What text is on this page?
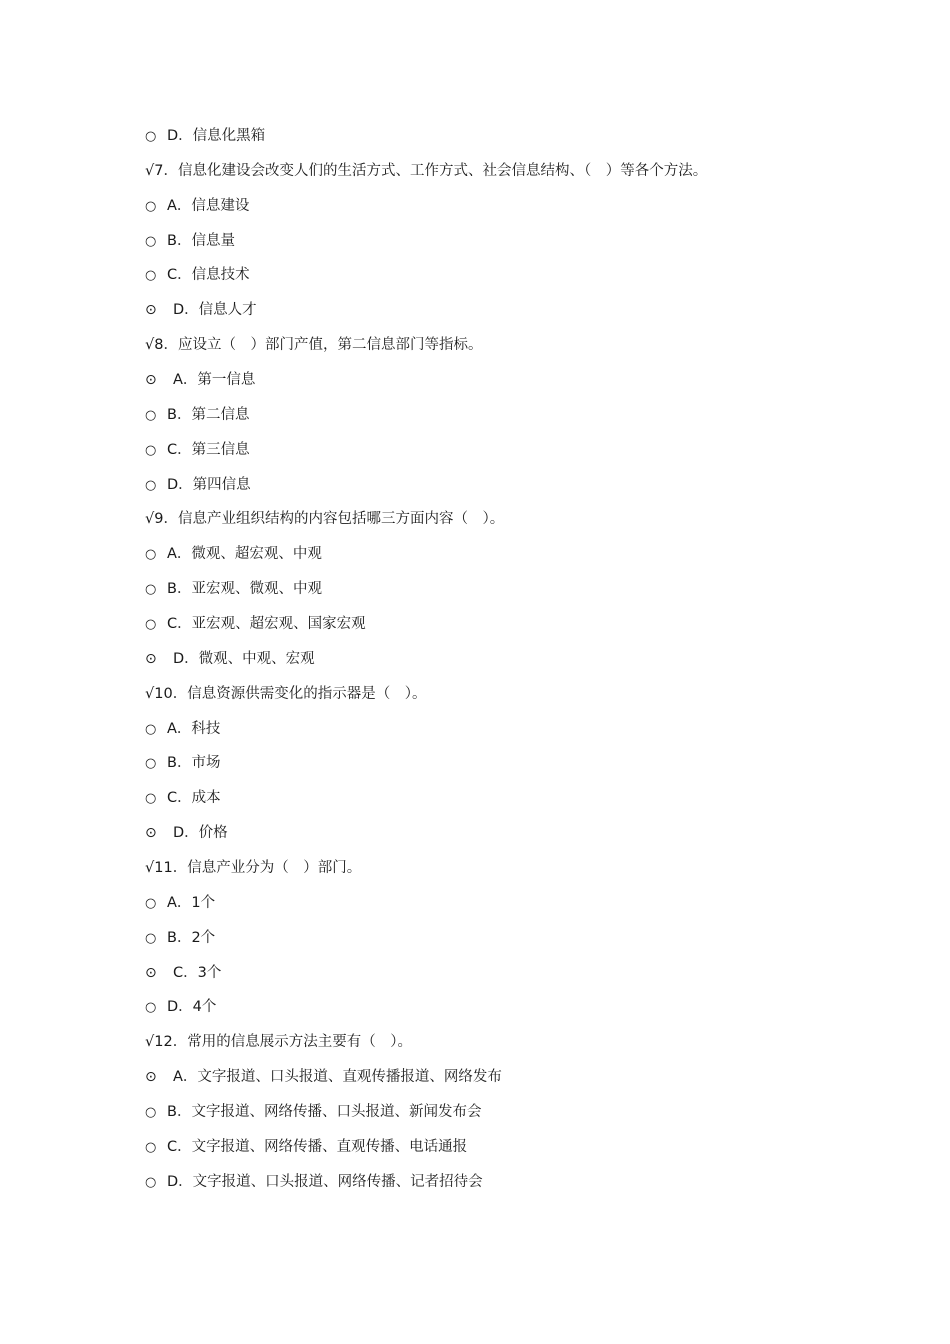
○ D．信息化黑箱
√7．信息化建设会改变人们的生活方式、工作方式、社会信息结构、（　）等各个方法。
○ A．信息建设
○ B．信息量
○ C．信息技术
⊙ D．信息人才
√8．应设立（　）部门产值，第二信息部门等指标。
⊙ A．第一信息
○ B．第二信息
○ C．第三信息
○ D．第四信息
√9．信息产业组织结构的内容包括哪三方面内容（　）。
○ A．微观、超宏观、中观
○ B．亚宏观、微观、中观
○ C．亚宏观、超宏观、国家宏观
⊙ D．微观、中观、宏观
√10．信息资源供需变化的指示器是（　）。
○ A．科技
○ B．市场
○ C．成本
⊙ D．价格
√11．信息产业分为（　）部门。
○ A．1个
○ B．2个
⊙ C．3个
○ D．4个
√12．常用的信息展示方法主要有（　）。
⊙ A．文字报道、口头报道、直观传播报道、网络发布
○ B．文字报道、网络传播、口头报道、新闻发布会
○ C．文字报道、网络传播、直观传播、电话通报
○ D．文字报道、口头报道、网络传播、记者招待会
